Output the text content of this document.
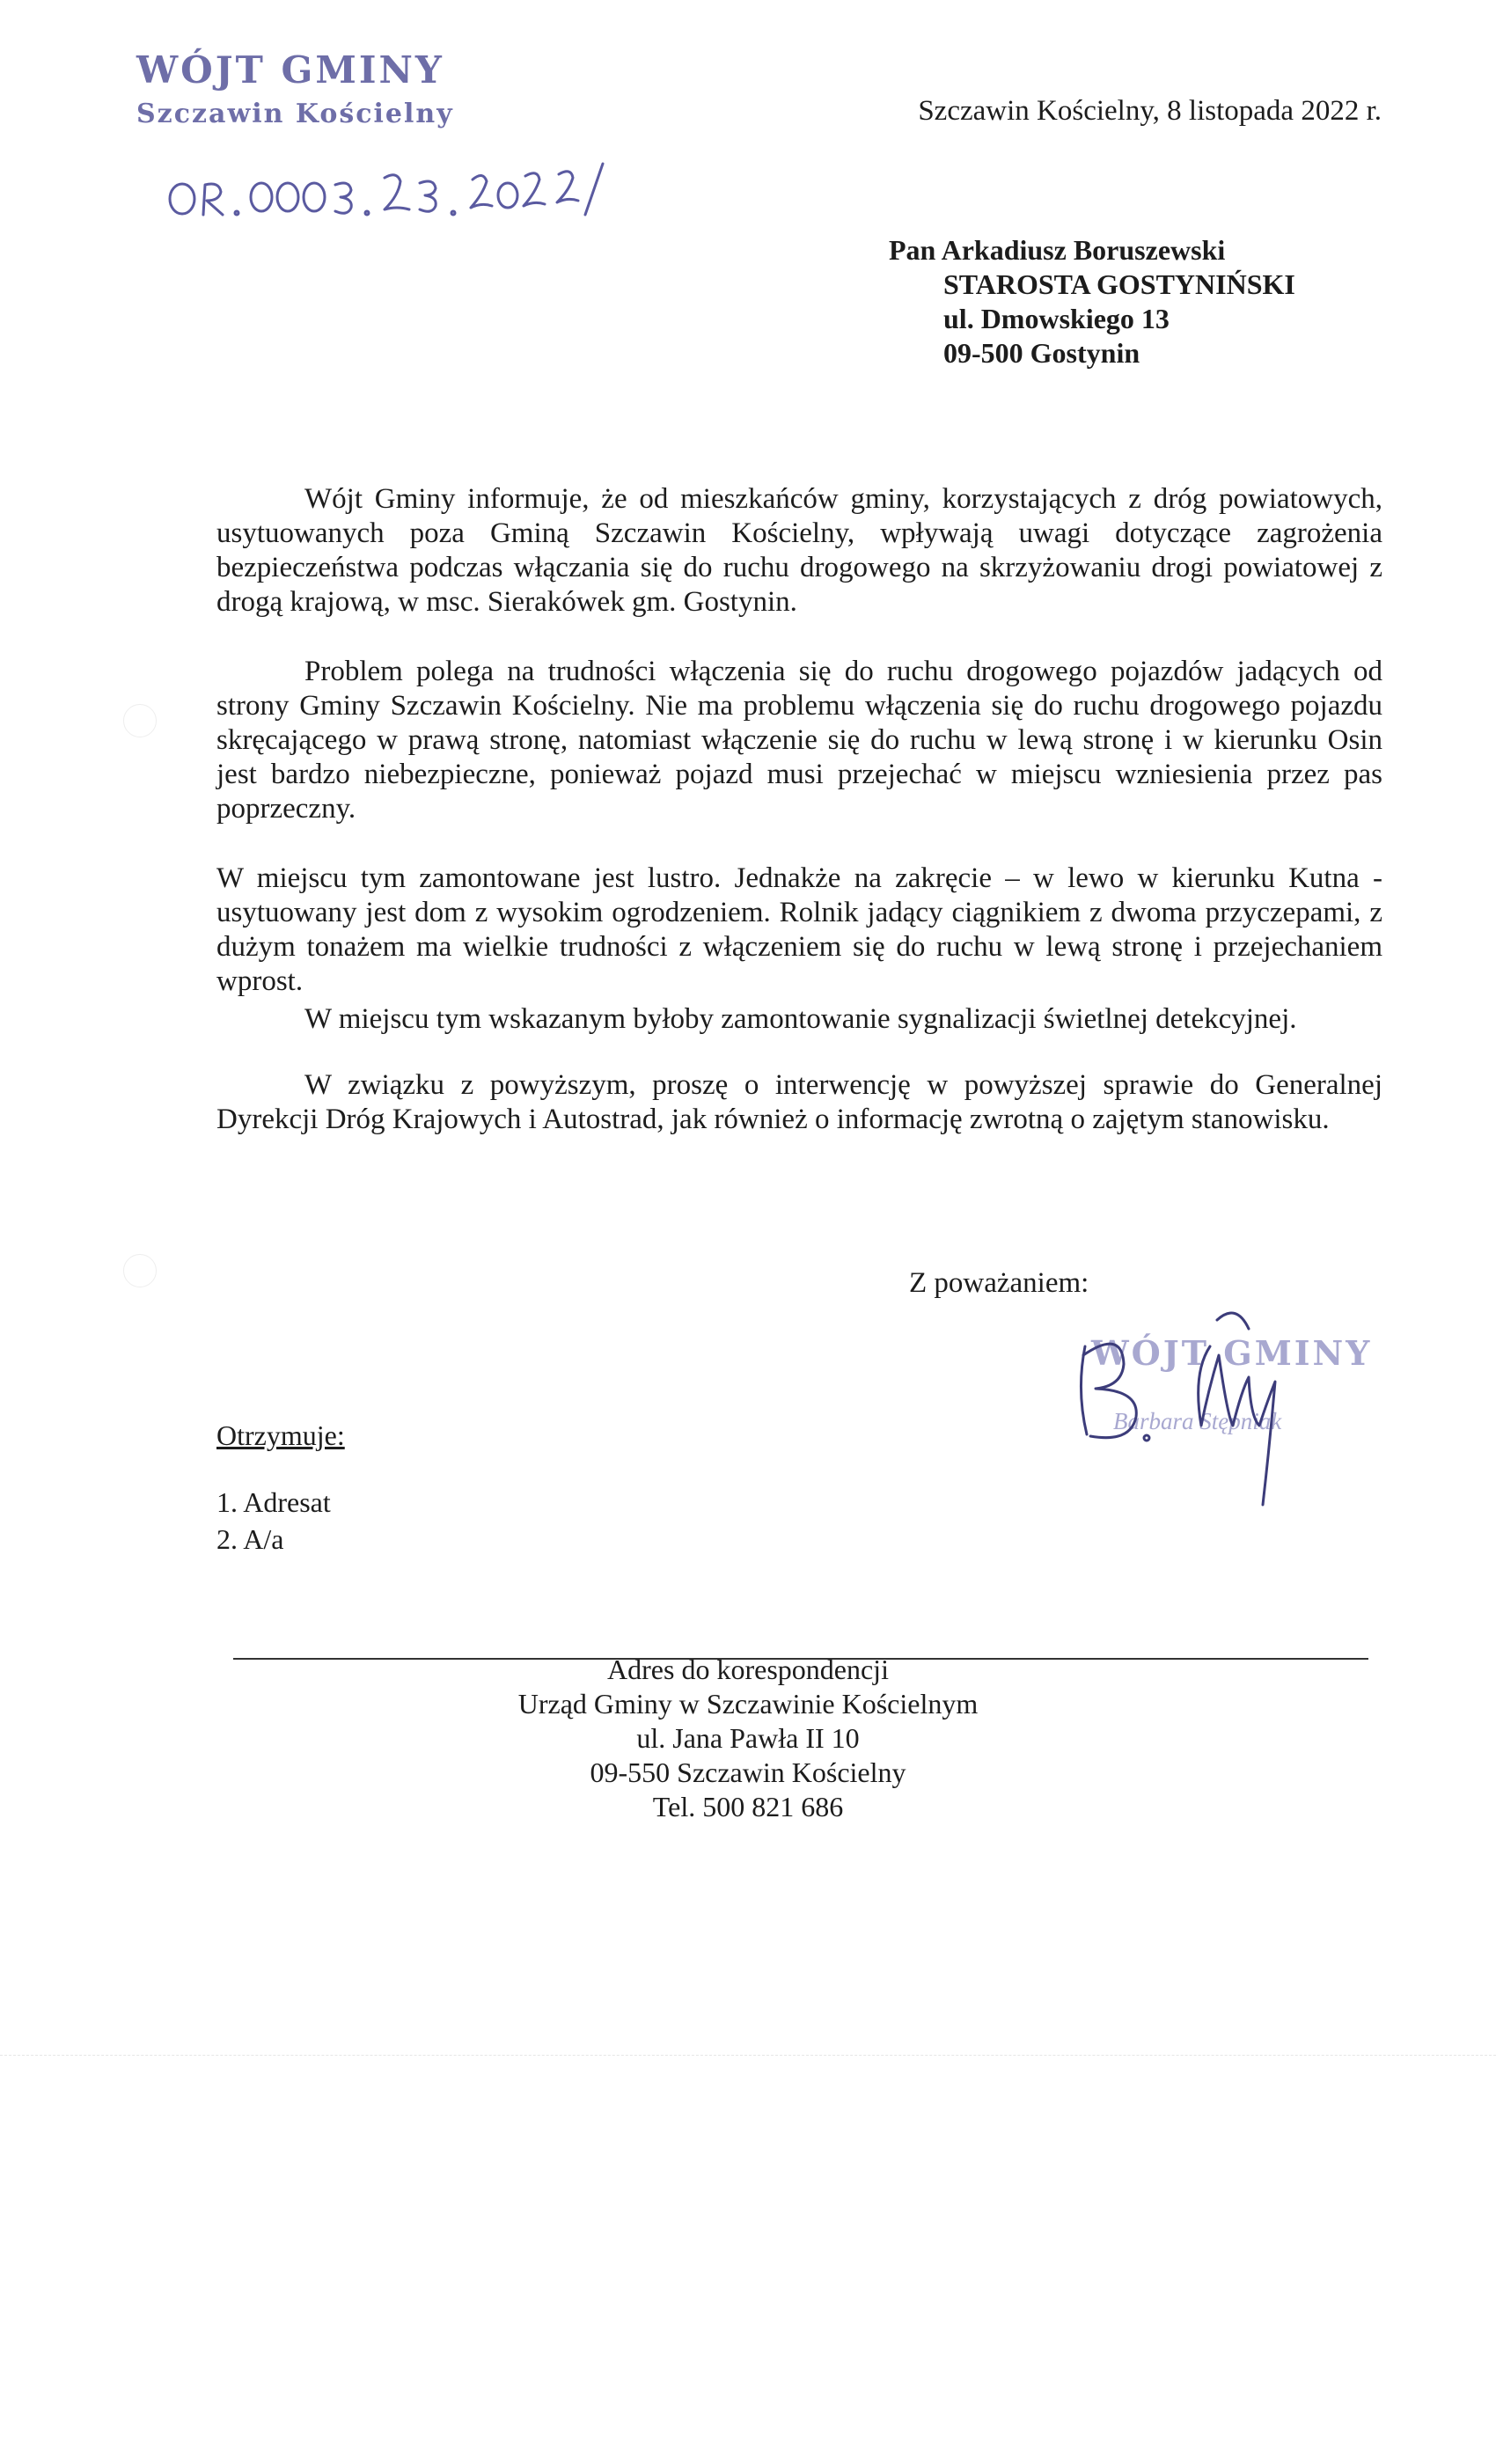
WÓJT GMINY
Szczawin Kościelny	Szczawin Kościelny, 8 listopada 2022 r.
Pan Arkadiusz Boruszewski
STAROSTA GOSTYNIŃSKI
ul. Dmowskiego 13
09-500 Gostynin

Wójt Gminy informuje, że od mieszkańców gminy, korzystających z dróg powiatowych, usytuowanych poza Gminą Szczawin Kościelny, wpływają uwagi dotyczące zagrożenia bezpieczeństwa podczas włączania się do ruchu drogowego na skrzyżowaniu drogi powiatowej z drogą krajową, w msc. Sierakówek gm. Gostynin.

Problem polega na trudności włączenia się do ruchu drogowego pojazdów jadących od strony Gminy Szczawin Kościelny. Nie ma problemu włączenia się do ruchu drogowego pojazdu skręcającego w prawą stronę, natomiast włączenie się do ruchu w lewą stronę i w kierunku Osin jest bardzo niebezpieczne, ponieważ pojazd musi przejechać w miejscu wzniesienia przez pas poprzeczny.

W miejscu tym zamontowane jest lustro. Jednakże na zakręcie – w lewo w kierunku Kutna - usytuowany jest dom z wysokim ogrodzeniem. Rolnik jadący ciągnikiem z dwoma przyczepami, z dużym tonażem ma wielkie trudności z włączeniem się do ruchu w lewą stronę i przejechaniem wprost.

W miejscu tym wskazanym byłoby zamontowanie sygnalizacji świetlnej detekcyjnej.

W związku z powyższym, proszę o interwencję w powyższej sprawie do Generalnej Dyrekcji Dróg Krajowych i Autostrad, jak również o informację zwrotną o zajętym stanowisku.

Z poważaniem:
WÓJT GMINY
Barbara Stępniak
Otrzymuje:
1. Adresat
2. A/a
Adres do korespondencji
Urząd Gminy w Szczawinie Kościelnym
ul. Jana Pawła II 10
09-550 Szczawin Kościelny
Tel. 500 821 686
